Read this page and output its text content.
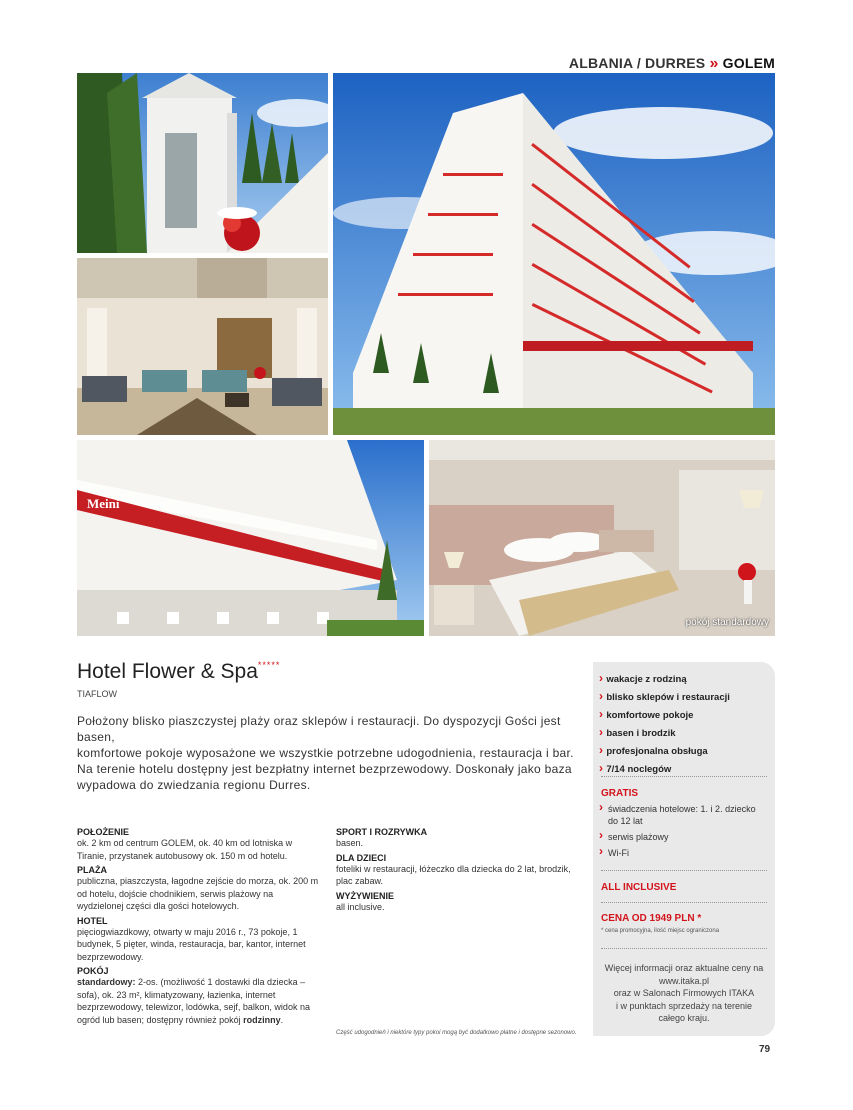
ALBANIA / DURRES » GOLEM
Meini
pokój standardowy
Hotel Flower & Spa*****
TIAFLOW

Położony blisko piaszczystej plaży oraz sklepów i restauracji. Do dyspozycji Gości jest basen,

komfortowe pokoje wyposażone we wszystkie potrzebne udogodnienia, restauracja i bar.

Na terenie hotelu dostępny jest bezpłatny internet bezprzewodowy. Doskonały jako baza

wypadowa do zwiedzania regionu Durres.

POŁOŻENIE
ok. 2 km od centrum GOLEM, ok. 40 km od lotniska w Tiranie, przystanek autobusowy ok. 150 m od hotelu.
PLAŻA
publiczna, piaszczysta, łagodne zejście do morza, ok. 200 m od hotelu, dojście chodnikiem, serwis plażowy na wydzielonej części dla gości hotelowych.
HOTEL
pięciogwiazdkowy, otwarty w maju 2016 r., 73 pokoje, 1 budynek, 5 pięter, winda, restauracja, bar, kantor, internet bezprzewodowy.
POKÓJ
standardowy: 2-os. (możliwość 1 dostawki dla dziecka – sofa), ok. 23 m², klimatyzowany, łazienka, internet bezprzewodowy, telewizor, lodówka, sejf, balkon, widok na ogród lub basen; dostępny również pokój rodzinny.
SPORT I ROZRYWKA
basen.
DLA DZIECI
foteliki w restauracji, łóżeczko dla dziecka do 2 lat, brodzik, plac zabaw.
WYŻYWIENIE
all inclusive.
Część udogodnień i niektóre typy pokoi mogą być dodatkowo płatne i dostępne sezonowo.
› wakacje z rodziną
› blisko sklepów i restauracji
› komfortowe pokoje
› basen i brodzik
› profesjonalna obsługa
› 7/14 noclegów
GRATIS
› świadczenia hotelowe: 1. i 2. dziecko do 12 lat
› serwis plażowy
› Wi-Fi
ALL INCLUSIVE
CENA OD 1949 PLN *
* cena promocyjna, ilość miejsc ograniczona
Więcej informacji oraz aktualne ceny na
www.itaka.pl
oraz w Salonach Firmowych ITAKA
i w punktach sprzedaży na terenie
całego kraju.
79
